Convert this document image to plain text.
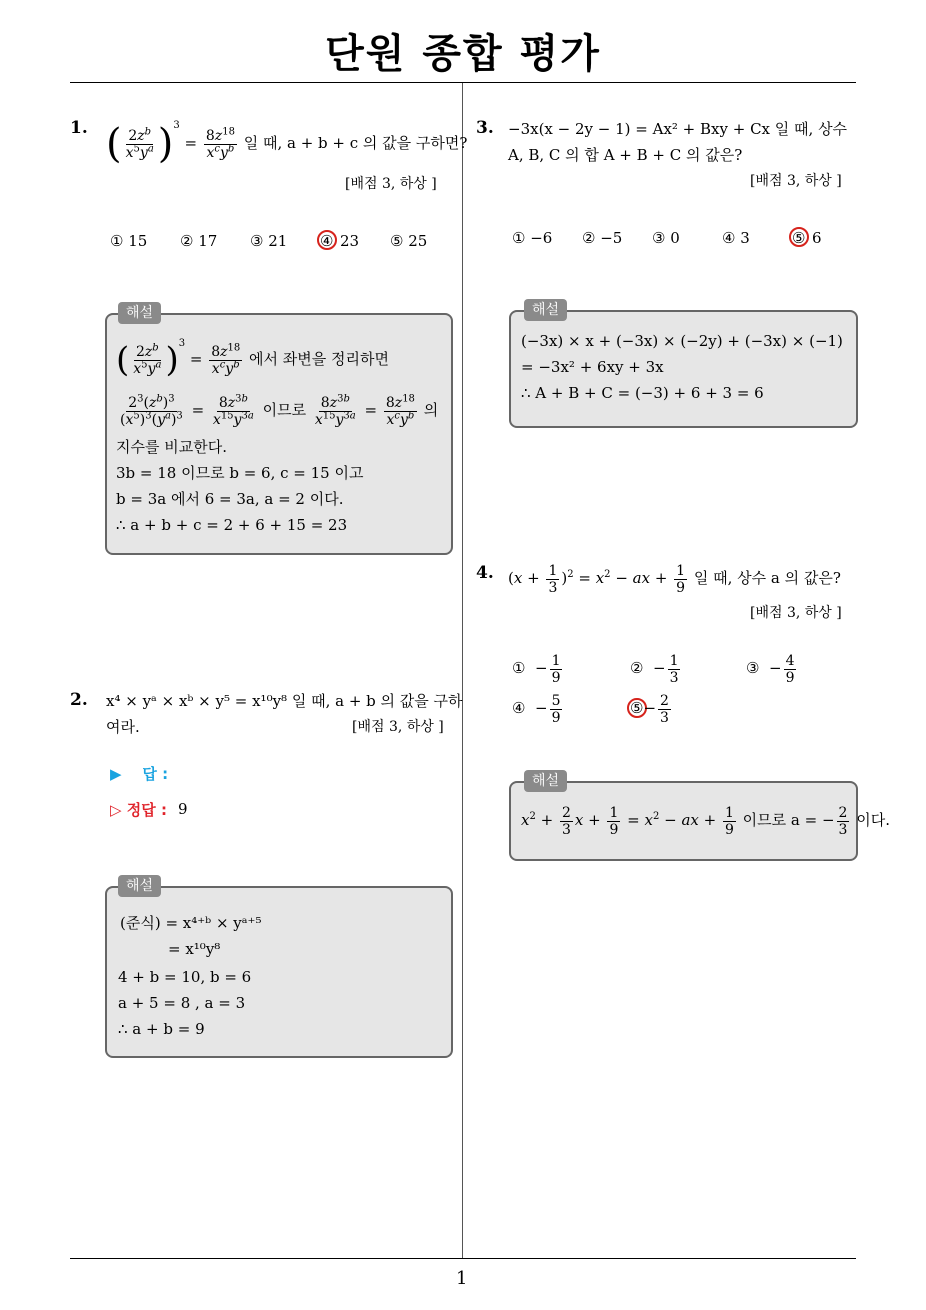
단원 종합 평가
1. ( $\frac{2z^b}{x^5y^a} )^3 = \frac{8z^{18}}{x^cy^b}$ 일 때, a + b + c 의 값을 구하면?
[배점 3, 하상 ]
① 15 ② 17 ③ 21 ④ 23 ⑤ 25
해설
( $\frac{2z^b}{x^5y^a} )^3 = \frac{8z^{18}}{x^cy^b}$ 에서 좌변을 정리하면
$\frac{2^3(z^b)^3}{(x^5)^3(y^a)^3} = \frac{8z^{3b}}{x^{15}y^{3a}}$ 이므로 $\frac{8z^{3b}}{x^{15}y^{3a}} = \frac{8z^{18}}{x^cy^b}$ 의
지수를 비교한다.
3b = 18 이므로 b = 6, c = 15 이고
b = 3a 에서 6 = 3a, a = 2 이다.
∴ a + b + c = 2 + 6 + 15 = 23
2. x⁴ × yᵃ × xᵇ × y⁵ = x¹⁰y⁸ 일 때, a + b 의 값을 구하
여라.	[배점 3, 하상 ]
▶    답 :
▷ 정답 : 9
해설
(준식) = x⁴⁺ᵇ × yᵃ⁺⁵
= x¹⁰y⁸
4 + b = 10, b = 6
a + 5 = 8 , a = 3
∴ a + b = 9
3. −3x(x − 2y − 1) = Ax² + Bxy + Cx 일 때, 상수
A, B, C 의 합 A + B + C 의 값은?
[배점 3, 하상 ]
① −6 ② −5 ③ 0	④ 3	⑤ 6
해설
(−3x) × x + (−3x) × (−2y) + (−3x) × (−1)
= −3x² + 6xy + 3x
∴ A + B + C = (−3) + 6 + 3 = 6
4. $(x + \frac{1}{3} )^2 = x^2$ − ax + $\frac{1}{9}$ 일 때, 상수 a 의 값은?
[배점 3, 하상 ]
①  − $\frac{1}{9}$	②  − $\frac{1}{3}$	③  − $\frac{4}{9}$
④  − $\frac{5}{9}$	⑤− $\frac{2}{3}$
해설
$x^2 + \frac{2}{3}$ $x + \frac{1}{9} = x^2$ − ax + $\frac{1}{9}$ 이므로 a = − $\frac{2}{3}$ 이다.
1
